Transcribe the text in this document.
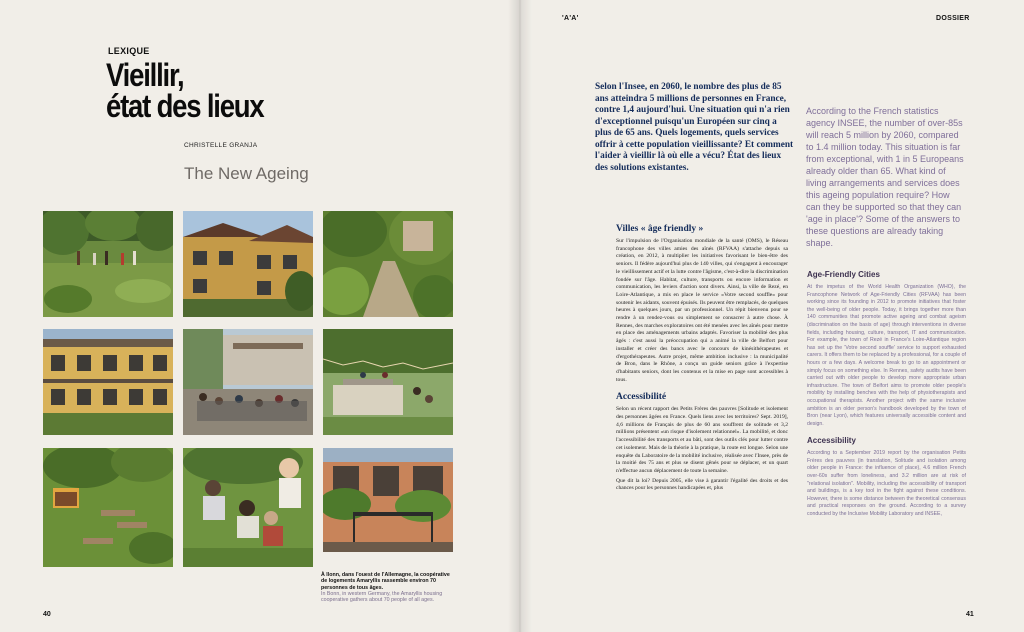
LEXIQUE
Vieillir,
état des lieux
CHRISTELLE GRANJA
The New Ageing
À Ilonn, dans l'ouest de l'Allemagne, la coopérative de logements Amaryllis rassemble environ 70 personnes de tous âges.
In Bonn, in western Germany, the Amaryllis housing cooperative gathers about 70 people of all ages.
40
'A'A'	DOSSIER
Selon l'Insee, en 2060, le nombre des plus de 85 ans atteindra 5 millions de personnes en France, contre 1,4 aujourd'hui. Une situation qui n'a rien d'exceptionnel puisqu'un Européen sur cinq a plus de 65 ans. Quels logements, quels services offrir à cette population vieillissante? Et comment l'aider à vieillir là où elle a vécu? État des lieux des solutions existantes.
According to the French statistics agency INSEE, the number of over-85s will reach 5 million by 2060, compared to 1.4 million today. This situation is far from exceptional, with 1 in 5 Europeans already older than 65. What kind of living arrangements and services does this ageing population require? How can they be supported so that they can 'age in place'? Some of the answers to these questions are already taking shape.
Villes « âge friendly »

Sur l'impulsion de l'Organisation mondiale de la santé (OMS), le Réseau francophone des villes amies des aînés (RFVAA) s'attache depuis sa création, en 2012, à multiplier les initiatives favorisant le bien-être des seniors. Il fédère aujourd'hui plus de 140 villes, qui s'engagent à encourager le vieillissement actif et la lutte contre l'âgisme, c'est-à-dire la discrimination fondée sur l'âge. Habitat, culture, transports ou encore information et communication, les leviers d'action sont divers. Ainsi, la ville de Rezé, en Loire-Atlantique, a mis en place le service «Votre second souffle» pour soutenir les aidants, souvent épuisés. Ils peuvent être remplacés, de quelques heures à quelques jours, par un professionnel. Un répit bienvenu pour se rendre à un rendez-vous ou simplement se consacrer à autre chose. À Rennes, des marches exploratoires ont été menées avec les aînés pour mettre en place des aménagements urbains adaptés. Favoriser la mobilité des plus âgés : c'est aussi la préoccupation qui a animé la ville de Belfort pour installer et créer des bancs avec le concours de kinésithérapeutes et d'ergothérapeutes. Autre projet, même ambition inclusive : la municipalité de Bron, dans le Rhône, a conçu un guide seniors grâce à l'expertise d'habitants seniors, dont les contenus et la mise en page sont accessibles à tous.

Accessibilité

Selon un récent rapport des Petits Frères des pauvres [Solitude et isolement des personnes âgées en France. Quels liens avec les territoires? Sept. 2019], 4,6 millions de Français de plus de 60 ans souffrent de solitude et 3,2 millions présentent «un risque d'isolement relationnel». La mobilité, et donc l'accessibilité des transports et au bâti, sont des outils clés pour lutter contre cet isolement. Mais de la théorie à la pratique, la route est longue. Selon une enquête du Laboratoire de la mobilité inclusive, réalisée avec l'Insee, près de la moitié des 75 ans et plus se disent gênés pour se déplacer, et un quart n'effectue aucun déplacement de toute la semaine.

Que dit la loi? Depuis 2005, elle vise à garantir l'égalité des droits et des chances pour les personnes handicapées et, plus

Age-Friendly Cities

At the impetus of the World Health Organization (WHO), the Francophone Network of Age-Friendly Cities (RFVAA) has been working since its founding in 2012 to promote initiatives that foster the well-being of older people. Today, it brings together more than 140 communities that promote active ageing and combat ageism (discrimination on the basis of age) through interventions in diverse fields, including housing, culture, transport, IT and communication. For example, the town of Rezé in France's Loire-Atlantique region has set up the 'Votre second souffle' service to support exhausted carers. It offers them to be replaced by a professional, for a couple of hours or a few days. A welcome break to go to an appointment or simply focus on something else. In Rennes, safety audits have been carried out with older people to develop more appropriate urban infrastructure. The town of Belfort aims to promote older people's mobility by installing benches with the help of physiotherapists and occupational therapists. Another project with the same inclusive ambition is an older person's handbook developed by the town of Bron (near Lyon), which features universally accessible content and design.

Accessibility

According to a September 2019 report by the organisation Petits Frères des pauvres (in translation, Solitude and isolation among older people in France: the influence of place), 4.6 million French over-60s suffer from loneliness, and 3.2 million are at risk of "relational isolation". Mobility, including the accessibility of transport and buildings, is a key tool in the fight against these conditions. However, there is some distance between the theoretical consensus and practical responses on the ground. According to a survey conducted by the Inclusive Mobility Laboratory and INSEE,

41
